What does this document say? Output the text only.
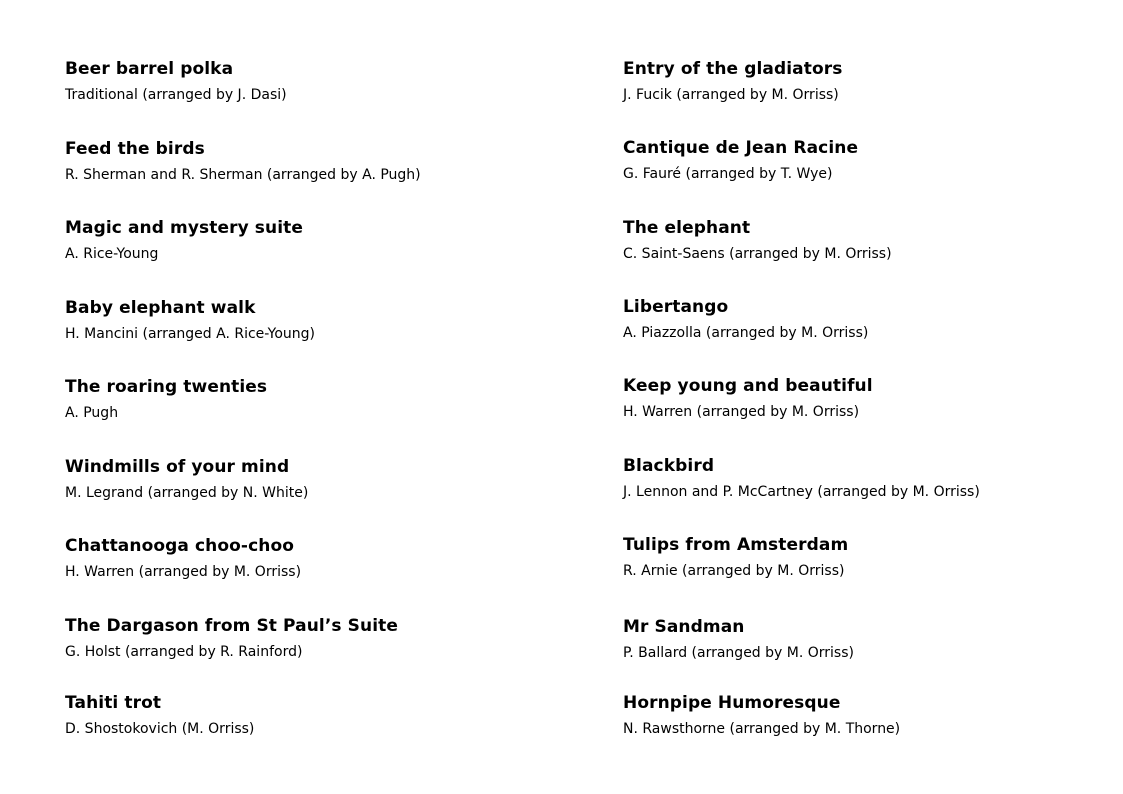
Beer barrel polka
Traditional (arranged by J. Dasi)
Feed the birds
R. Sherman and R. Sherman (arranged by A. Pugh)
Magic and mystery suite
A. Rice-Young
Baby elephant walk
H. Mancini (arranged A. Rice-Young)
The roaring twenties
A. Pugh
Windmills of your mind
M. Legrand (arranged by N. White)
Chattanooga choo-choo
H. Warren (arranged by M. Orriss)
The Dargason from St Paul’s Suite
G. Holst (arranged by R. Rainford)
Tahiti trot
D. Shostokovich (M. Orriss)
Entry of the gladiators
J. Fucik (arranged by M. Orriss)
Cantique de Jean Racine
G. Fauré (arranged by T. Wye)
The elephant
C. Saint-Saens (arranged by M. Orriss)
Libertango
A. Piazzolla (arranged by M. Orriss)
Keep young and beautiful
H. Warren (arranged by M. Orriss)
Blackbird
J. Lennon and P. McCartney (arranged by M. Orriss)
Tulips from Amsterdam
R. Arnie (arranged by M. Orriss)
Mr Sandman
P. Ballard (arranged by M. Orriss)
Hornpipe Humoresque
N. Rawsthorne (arranged by M. Thorne)
